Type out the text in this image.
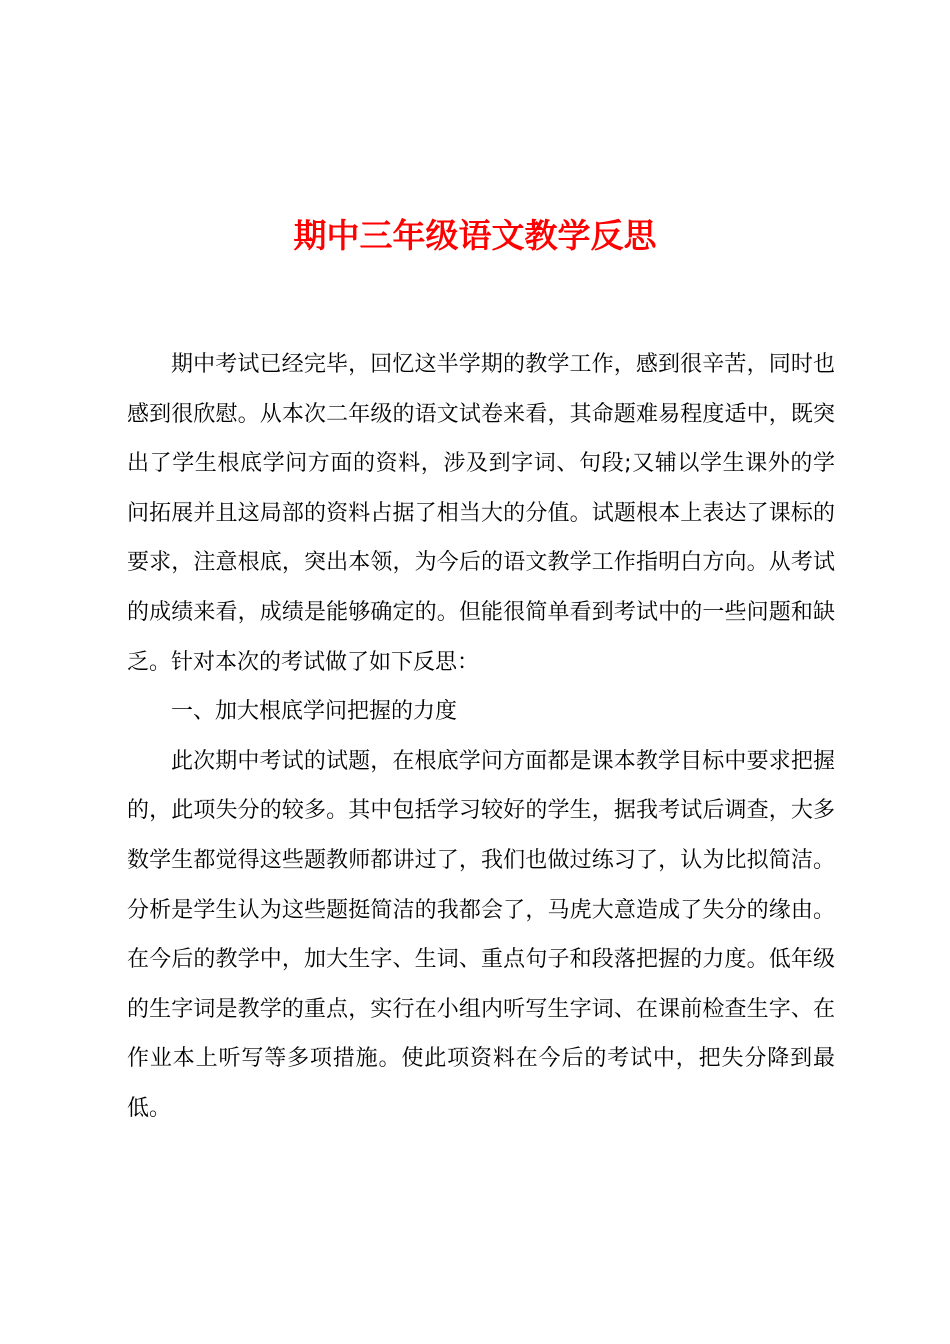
期中三年级语文教学反思

期中考试已经完毕，回忆这半学期的教学工作，感到很辛苦，同时也感到很欣慰。从本次二年级的语文试卷来看，其命题难易程度适中，既突出了学生根底学问方面的资料，涉及到字词、句段;又辅以学生课外的学问拓展并且这局部的资料占据了相当大的分值。试题根本上表达了课标的要求，注意根底，突出本领，为今后的语文教学工作指明白方向。从考试的成绩来看，成绩是能够确定的。但能很简单看到考试中的一些问题和缺乏。针对本次的考试做了如下反思：

一、加大根底学问把握的力度

此次期中考试的试题，在根底学问方面都是课本教学目标中要求把握的，此项失分的较多。其中包括学习较好的学生，据我考试后调查，大多数学生都觉得这些题教师都讲过了，我们也做过练习了，认为比拟简洁。分析是学生认为这些题挺简洁的我都会了，马虎大意造成了失分的缘由。在今后的教学中，加大生字、生词、重点句子和段落把握的力度。低年级的生字词是教学的重点，实行在小组内听写生字词、在课前检查生字、在作业本上听写等多项措施。使此项资料在今后的考试中，把失分降到最低。
